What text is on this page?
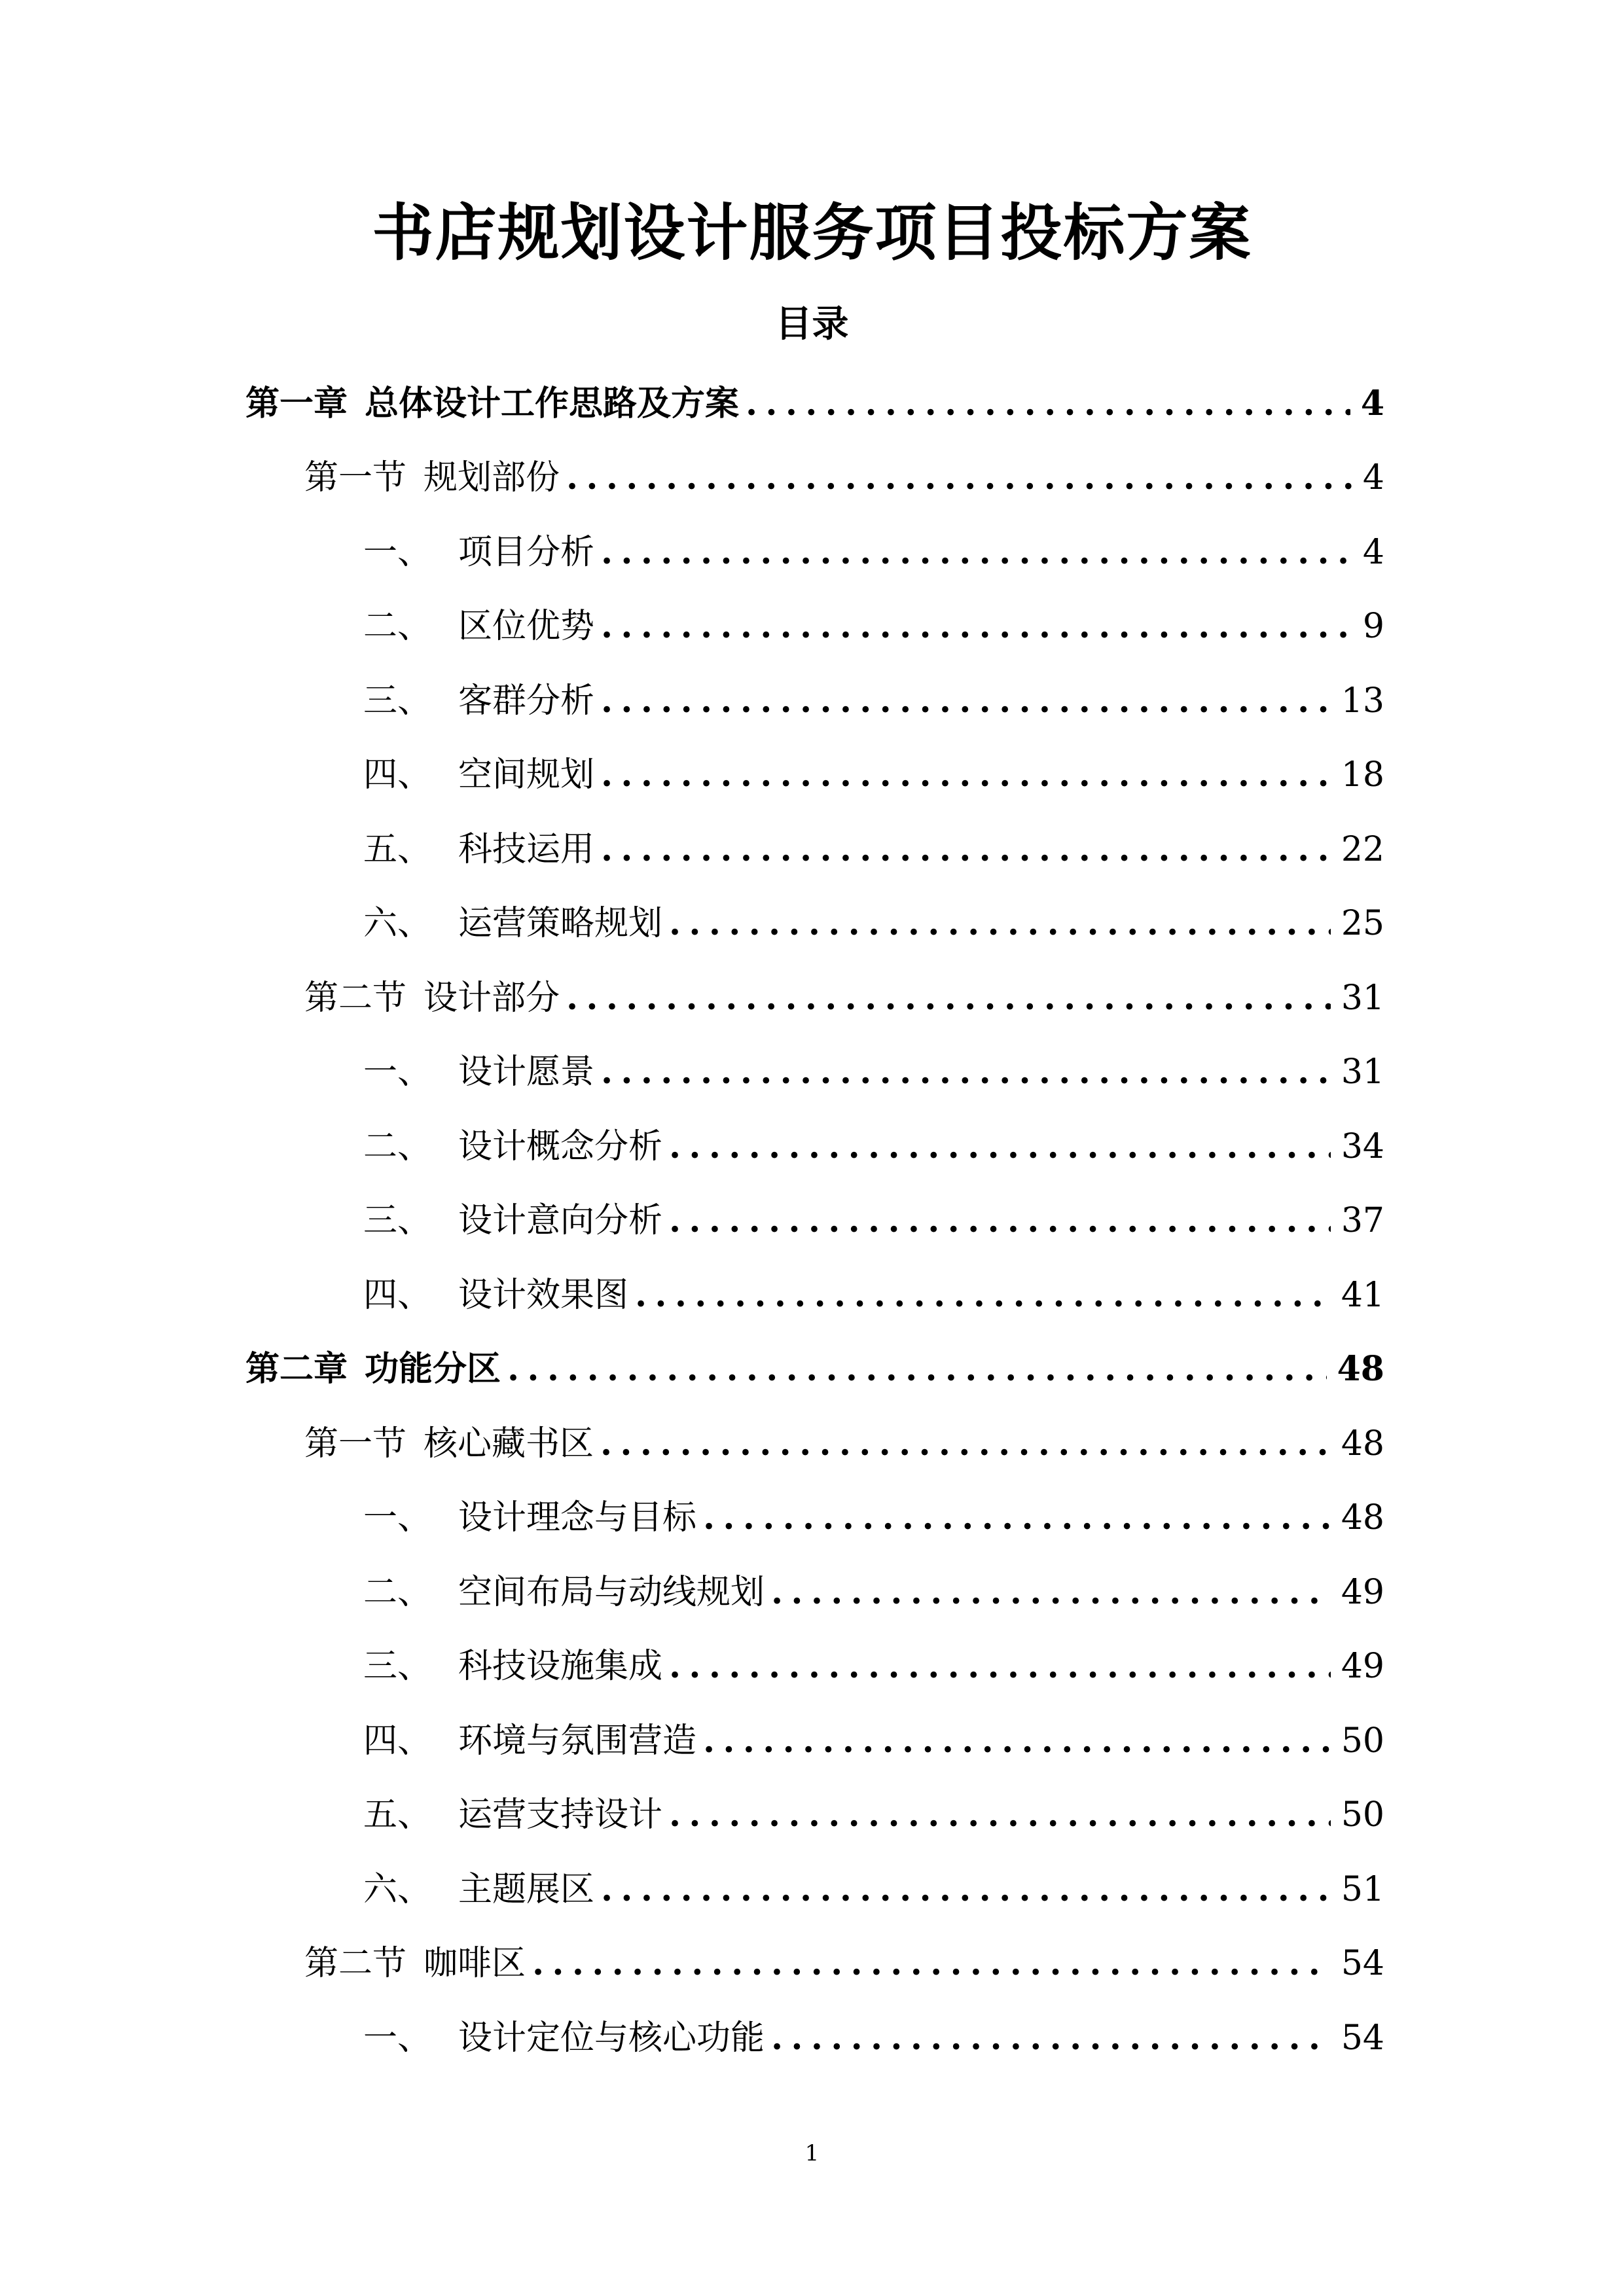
书店规划设计服务项目投标方案
目录
第一章 总体设计工作思路及方案 .....	4
第一节 规划部份 .....	4
一、 项目分析 .....	4
二、 区位优势 .....	9
三、 客群分析 .....	13
四、 空间规划 .....	18
五、 科技运用 .....	22
六、 运营策略规划 .....	25
第二节 设计部分 .....	31
一、 设计愿景 .....	31
二、 设计概念分析 .....	34
三、 设计意向分析 .....	37
四、 设计效果图 .....	41
第二章 功能分区 .....	48
第一节 核心藏书区 .....	48
一、 设计理念与目标 .....	48
二、 空间布局与动线规划 .....	49
三、 科技设施集成 .....	49
四、 环境与氛围营造 .....	50
五、 运营支持设计 .....	50
六、 主题展区 .....	51
第二节 咖啡区 .....	54
一、 设计定位与核心功能 .....	54
1
